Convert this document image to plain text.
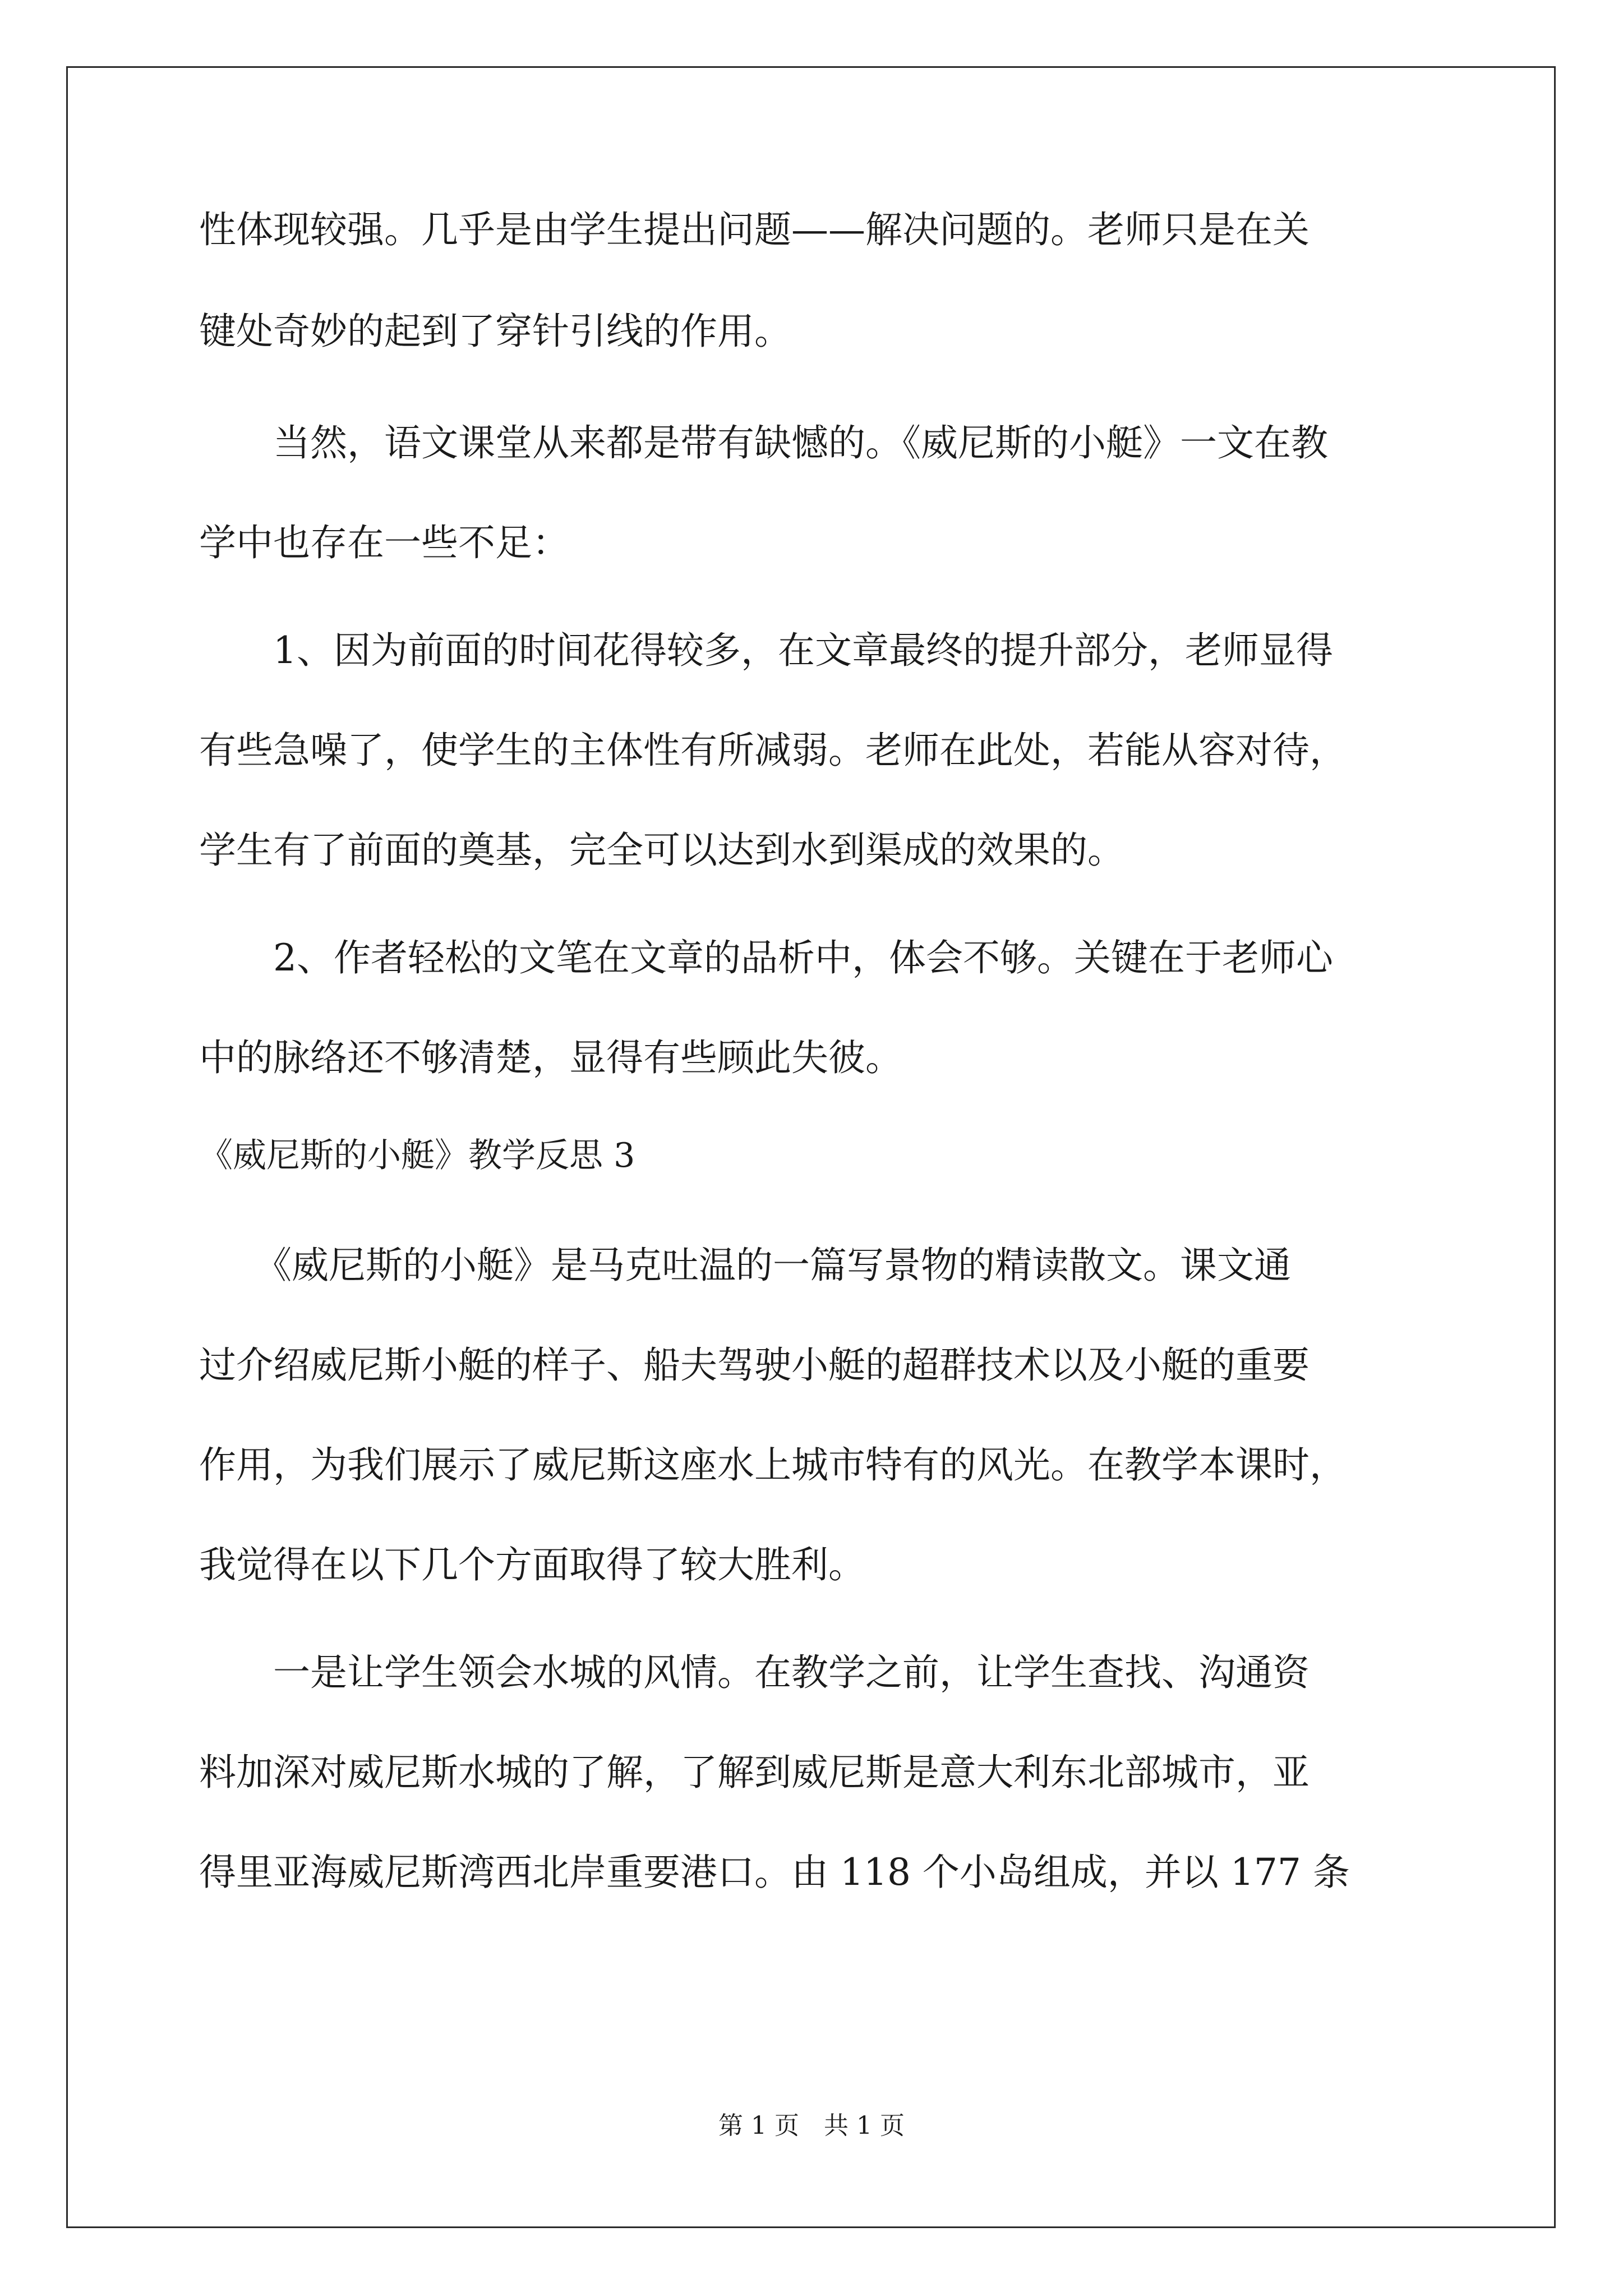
性体现较强。几乎是由学生提出问题——解决问题的。老师只是在关

键处奇妙的起到了穿针引线的作用。

　　当然，语文课堂从来都是带有缺憾的。《威尼斯的小艇》一文在教

学中也存在一些不足：

　　1、因为前面的时间花得较多，在文章最终的提升部分，老师显得

有些急噪了，使学生的主体性有所减弱。老师在此处，若能从容对待，

学生有了前面的奠基，完全可以达到水到渠成的效果的。

　　2、作者轻松的文笔在文章的品析中，体会不够。关键在于老师心

中的脉络还不够清楚，显得有些顾此失彼。

《威尼斯的小艇》教学反思 3

　　《威尼斯的小艇》是马克吐温的一篇写景物的精读散文。课文通

过介绍威尼斯小艇的样子、船夫驾驶小艇的超群技术以及小艇的重要

作用，为我们展示了威尼斯这座水上城市特有的风光。在教学本课时，

我觉得在以下几个方面取得了较大胜利。

　　一是让学生领会水城的风情。在教学之前，让学生查找、沟通资

料加深对威尼斯水城的了解，了解到威尼斯是意大利东北部城市，亚

得里亚海威尼斯湾西北岸重要港口。由 118 个小岛组成，并以 177 条

第 1 页　共 1 页
